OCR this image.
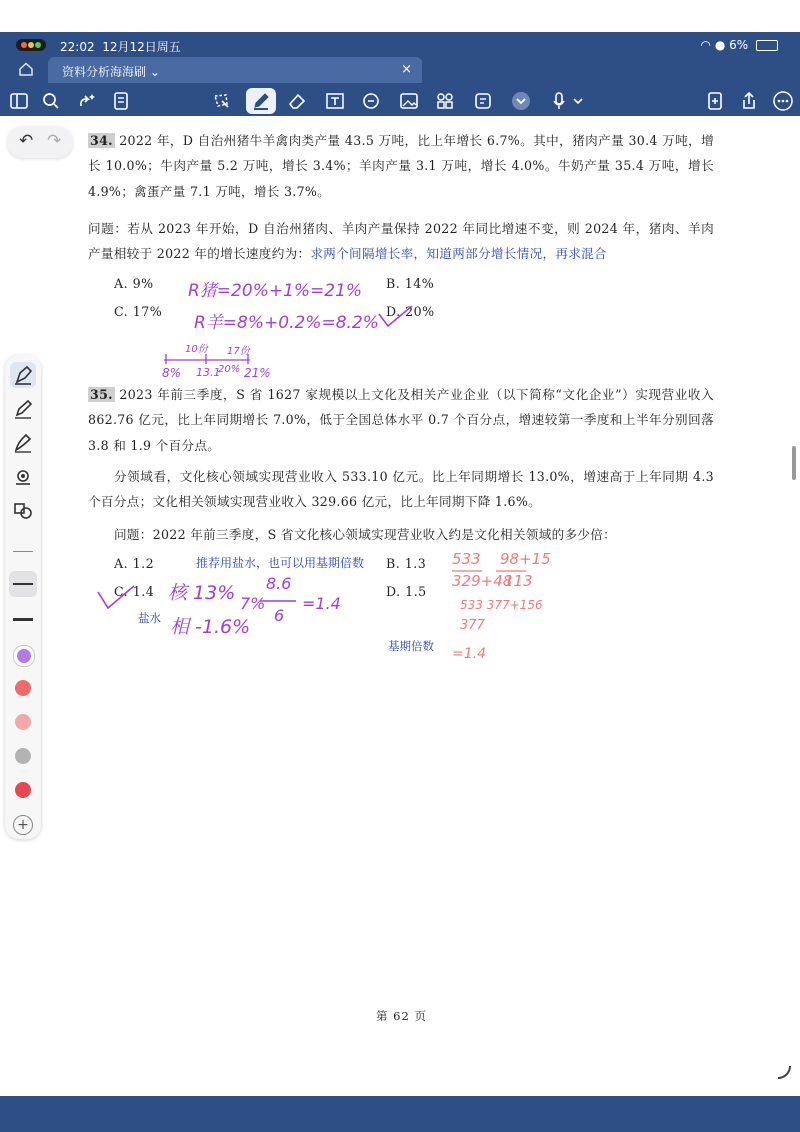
22:02 12月12日周五	◠ ● 6%
资料分析海海刷 ⌄	×
↶ ↷ 34. 2022 年，D 自治州猪牛羊禽肉类产量 43.5 万吨，比上年增长 6.7%。其中，猪肉产量 30.4 万吨，增长 10.0%；牛肉产量 5.2 万吨，增长 3.4%；羊肉产量 3.1 万吨，增长 4.0%。牛奶产量 35.4 万吨，增长 4.9%；禽蛋产量 7.1 万吨，增长 3.7%。
问题：若从 2023 年开始，D 自治州猪肉、羊肉产量保持 2022 年同比增速不变，则 2024 年，猪肉、羊肉产量相较于 2022 年的增长速度约为：求两个间隔增长率，知道两部分增长情况，再求混合
A. 9%	B. 14%
C. 17%	D. 20%
R猪=20%+1%=21%
R羊=8%+0.2%=8.2%
10份 17份
8% 13.1
20% 21%
35. 2023 年前三季度，S 省 1627 家规模以上文化及相关产业企业（以下简称“文化企业”）实现营业收入 862.76 亿元，比上年同期增长 7.0%，低于全国总体水平 0.7 个百分点，增速较第一季度和上半年分别回落 3.8 和 1.9 个百分点。
分领域看，文化核心领域实现营业收入 533.10 亿元。比上年同期增长 13.0%，增速高于上年同期 4.3 个百分点；文化相关领域实现营业收入 329.66 亿元，比上年同期下降 1.6%。
问题：2022 年前三季度，S 省文化核心领域实现营业收入约是文化相关领域的多少倍：
A. 1.2	推荐用盐水，也可以用基期倍数 B. 1.3
C. 1.4	D. 1.5
盐水
核 13%
相 -1.6%
7%
8.6
6
=1.4
533 98+15
329+48
113
533 377+156
377
基期倍数 =1.4
第 62 页
+
